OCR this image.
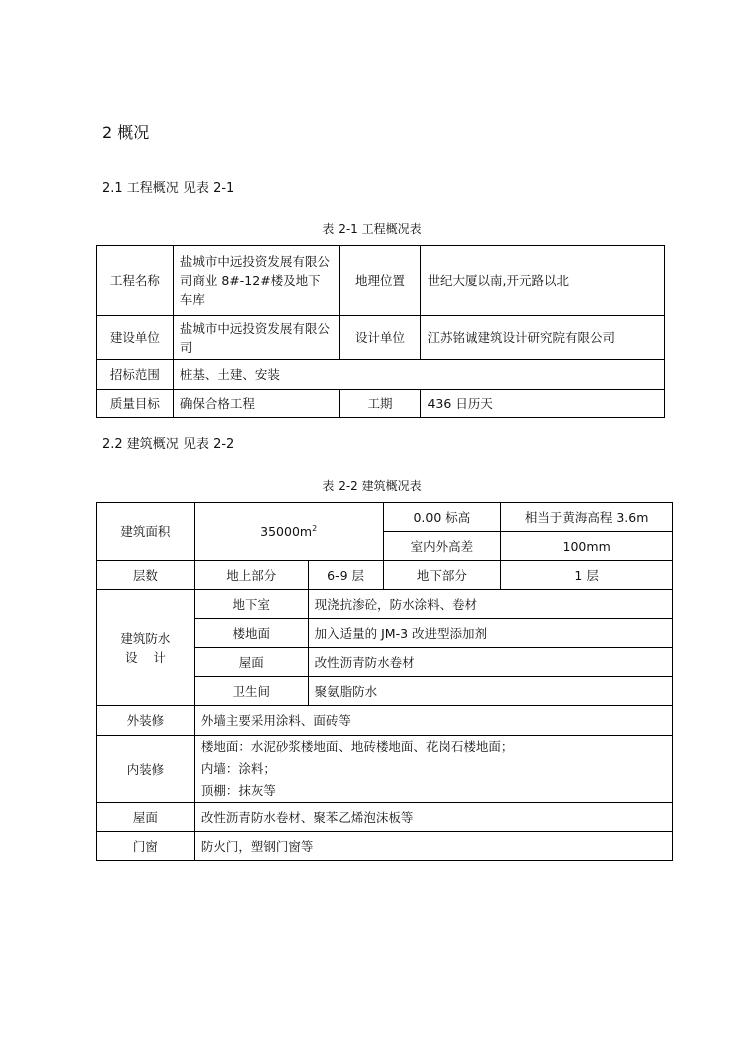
2 概况
2.1 工程概况 见表 2-1
表 2-1 工程概况表
工程名称	盐城市中远投资发展有限公司商业 8#-12#楼及地下车库	地理位置	世纪大厦以南,开元路以北
建设单位	盐城市中远投资发展有限公司	设计单位	江苏铭诚建筑设计研究院有限公司
招标范围	桩基、土建、安装		
质量目标	确保合格工程	工期	436 日历天
2.2 建筑概况 见表 2-2
表 2-2 建筑概况表
建筑面积	$35000m^2$		0.00 标高	相当于黄海高程 3.6m
			室内外高差	100mm
层数	地上部分	6-9 层	地下部分	1 层

建筑防水
设    计	地下室	现浇抗渗砼，防水涂料、卷材		
	楼地面	加入适量的 JM-3 改进型添加剂		
	屋面	改性沥青防水卷材		
	卫生间	聚氨脂防水		
外装修	外墙主要采用涂料、面砖等			
内装修	楼地面：水泥砂浆楼地面、地砖楼地面、花岗石楼地面；
内墙：涂料；
顶棚：抹灰等			

屋面	改性沥青防水卷材、聚苯乙烯泡沫板等			
门窗	防火门，塑钢门窗等			
